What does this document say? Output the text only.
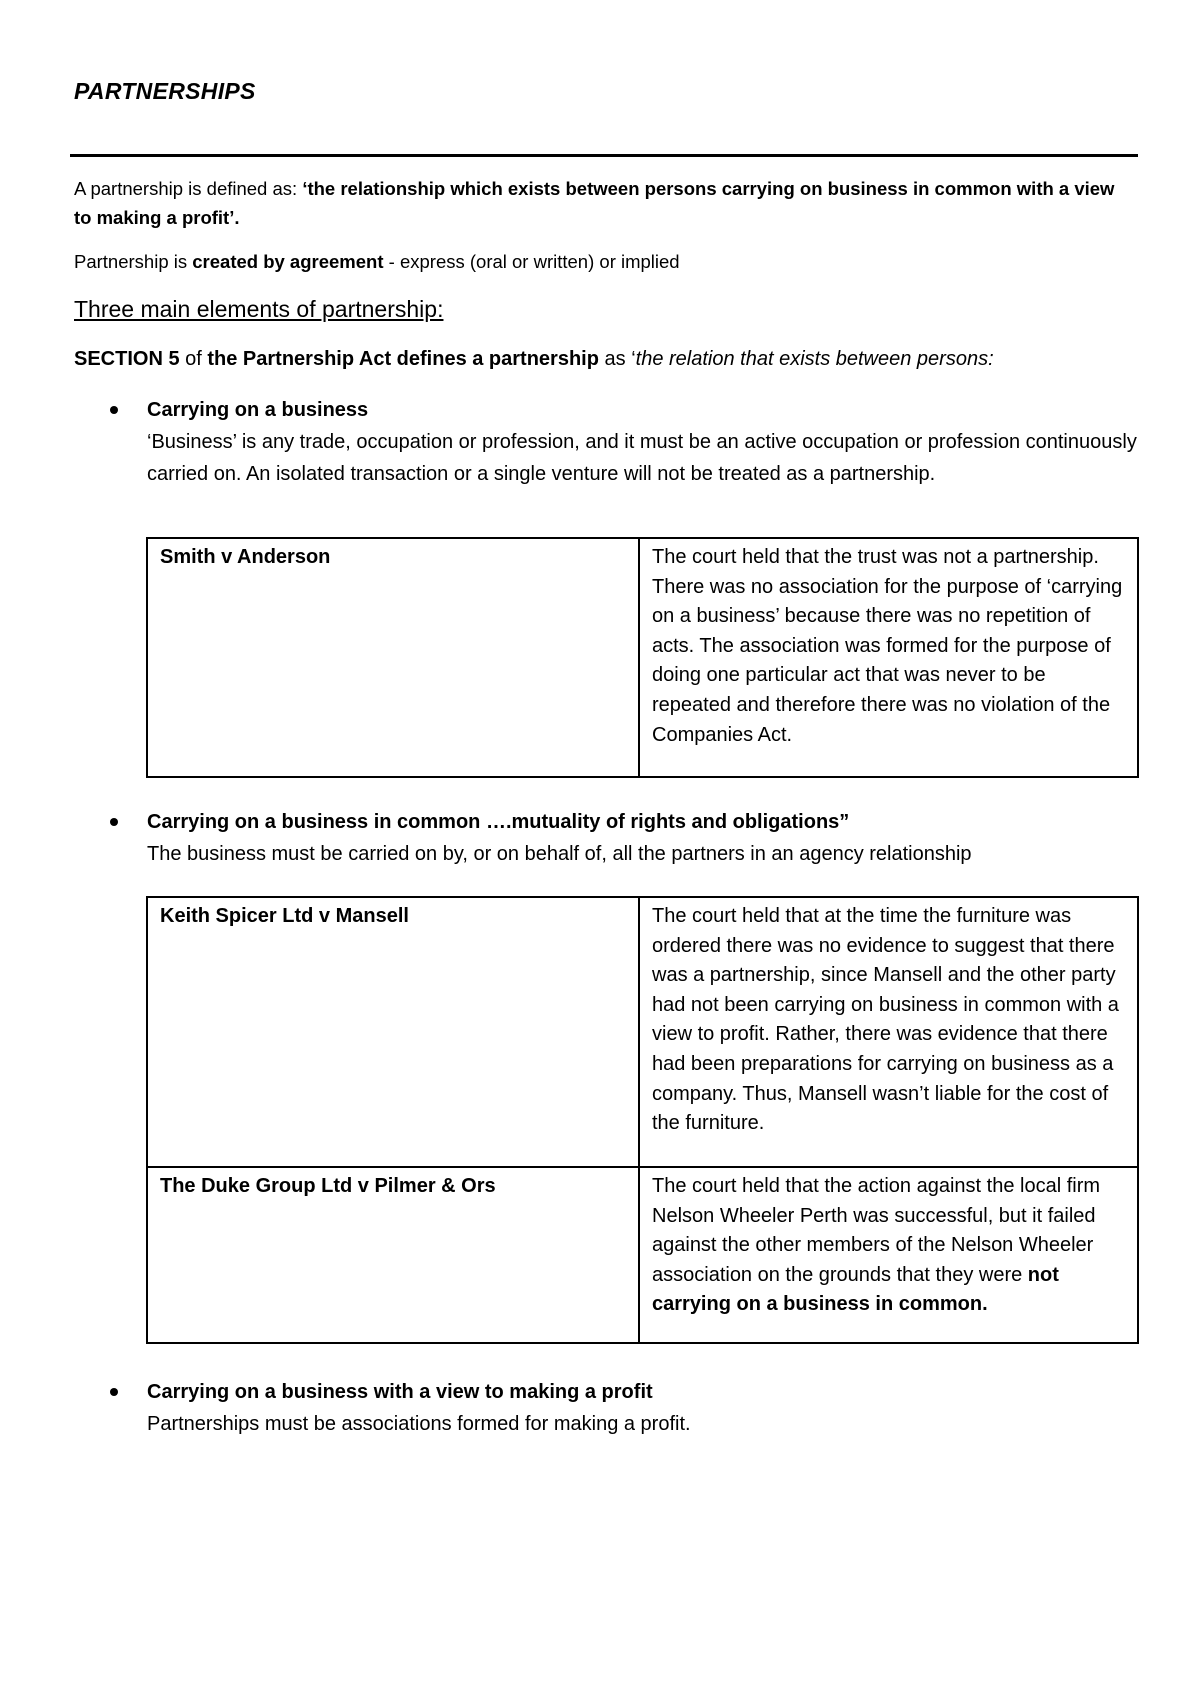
PARTNERSHIPS
A partnership is defined as: ‘the relationship which exists between persons carrying on business in common with a view to making a profit’.
Partnership is created by agreement - express (oral or written) or implied
Three main elements of partnership:
SECTION 5 of the Partnership Act defines a partnership as ‘the relation that exists between persons:
Carrying on a business
‘Business’ is any trade, occupation or profession, and it must be an active occupation or profession continuously carried on. An isolated transaction or a single venture will not be treated as a partnership.
Smith v Anderson	The court held that the trust was not a partnership. There was no association for the purpose of ‘carrying on a business’ because there was no repetition of acts. The association was formed for the purpose of doing one particular act that was never to be repeated and therefore there was no violation of the Companies Act.
Carrying on a business in common ….mutuality of rights and obligations”
The business must be carried on by, or on behalf of, all the partners in an agency relationship
Keith Spicer Ltd v Mansell	The court held that at the time the furniture was ordered there was no evidence to suggest that there was a partnership, since Mansell and the other party had not been carrying on business in common with a view to profit. Rather, there was evidence that there had been preparations for carrying on business as a company. Thus, Mansell wasn’t liable for the cost of the furniture.
The Duke Group Ltd v Pilmer & Ors	The court held that the action against the local firm Nelson Wheeler Perth was successful, but it failed against the other members of the Nelson Wheeler association on the grounds that they were not carrying on a business in common.
Carrying on a business with a view to making a profit
Partnerships must be associations formed for making a profit.
